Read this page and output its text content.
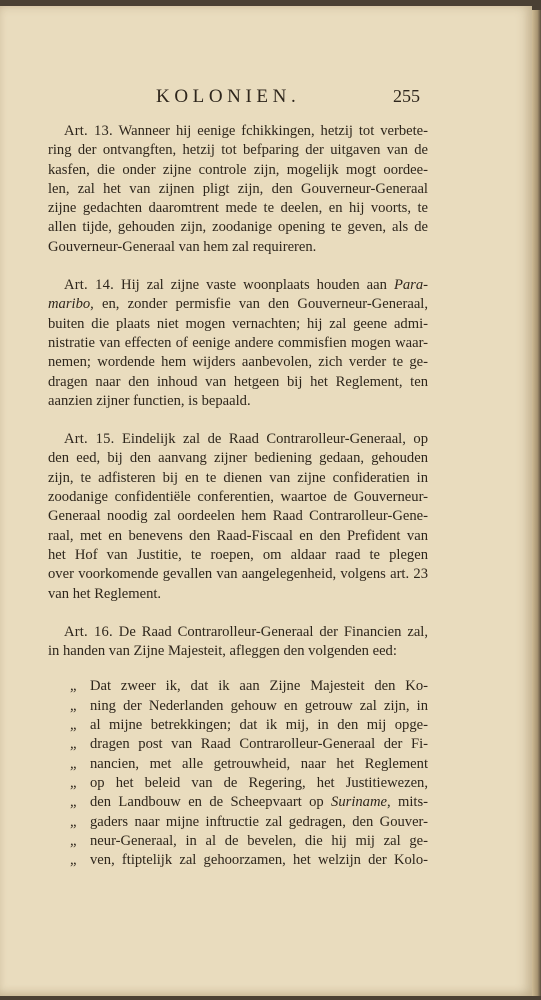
KOLONIEN.	255
Art. 13. Wanneer hij eenige fchikkingen, hetzij tot verbete-
ring der ontvangften, hetzij tot befparing der uitgaven van de
kasfen, die onder zijne controle zijn, mogelijk mogt oordee-
len, zal het van zijnen pligt zijn, den Gouverneur-Generaal
zijne gedachten daaromtrent mede te deelen, en hij voorts, te
allen tijde, gehouden zijn, zoodanige opening te geven, als de
Gouverneur-Generaal van hem zal requireren.
Art. 14. Hij zal zijne vaste woonplaats houden aan Para-
maribo, en, zonder permisfie van den Gouverneur-Generaal,
buiten die plaats niet mogen vernachten; hij zal geene admi-
nistratie van effecten of eenige andere commisfien mogen waar-
nemen; wordende hem wijders aanbevolen, zich verder te ge-
dragen naar den inhoud van hetgeen bij het Reglement, ten
aanzien zijner functien, is bepaald.
Art. 15. Eindelijk zal de Raad Contrarolleur-Generaal, op
den eed, bij den aanvang zijner bediening gedaan, gehouden
zijn, te adfisteren bij en te dienen van zijne confideratien in
zoodanige confidentiële conferentien, waartoe de Gouverneur-
Generaal noodig zal oordeelen hem Raad Contrarolleur-Gene-
raal, met en benevens den Raad-Fiscaal en den Prefident van
het Hof van Justitie, te roepen, om aldaar raad te plegen
over voorkomende gevallen van aangelegenheid, volgens art. 23
van het Reglement.
Art. 16. De Raad Contrarolleur-Generaal der Financien zal,
in handen van Zijne Majesteit, afleggen den volgenden eed:
„ Dat zweer ik, dat ik aan Zijne Majesteit den Ko-
„ ning der Nederlanden gehouw en getrouw zal zijn, in
„ al mijne betrekkingen; dat ik mij, in den mij opge-
„ dragen post van Raad Contrarolleur-Generaal der Fi-
„ nancien, met alle getrouwheid, naar het Reglement
„ op het beleid van de Regering, het Justitiewezen,
„ den Landbouw en de Scheepvaart op Suriname, mits-
„ gaders naar mijne inftructie zal gedragen, den Gouver-
„ neur-Generaal, in al de bevelen, die hij mij zal ge-
„ ven, ftiptelijk zal gehoorzamen, het welzijn der Kolo-
